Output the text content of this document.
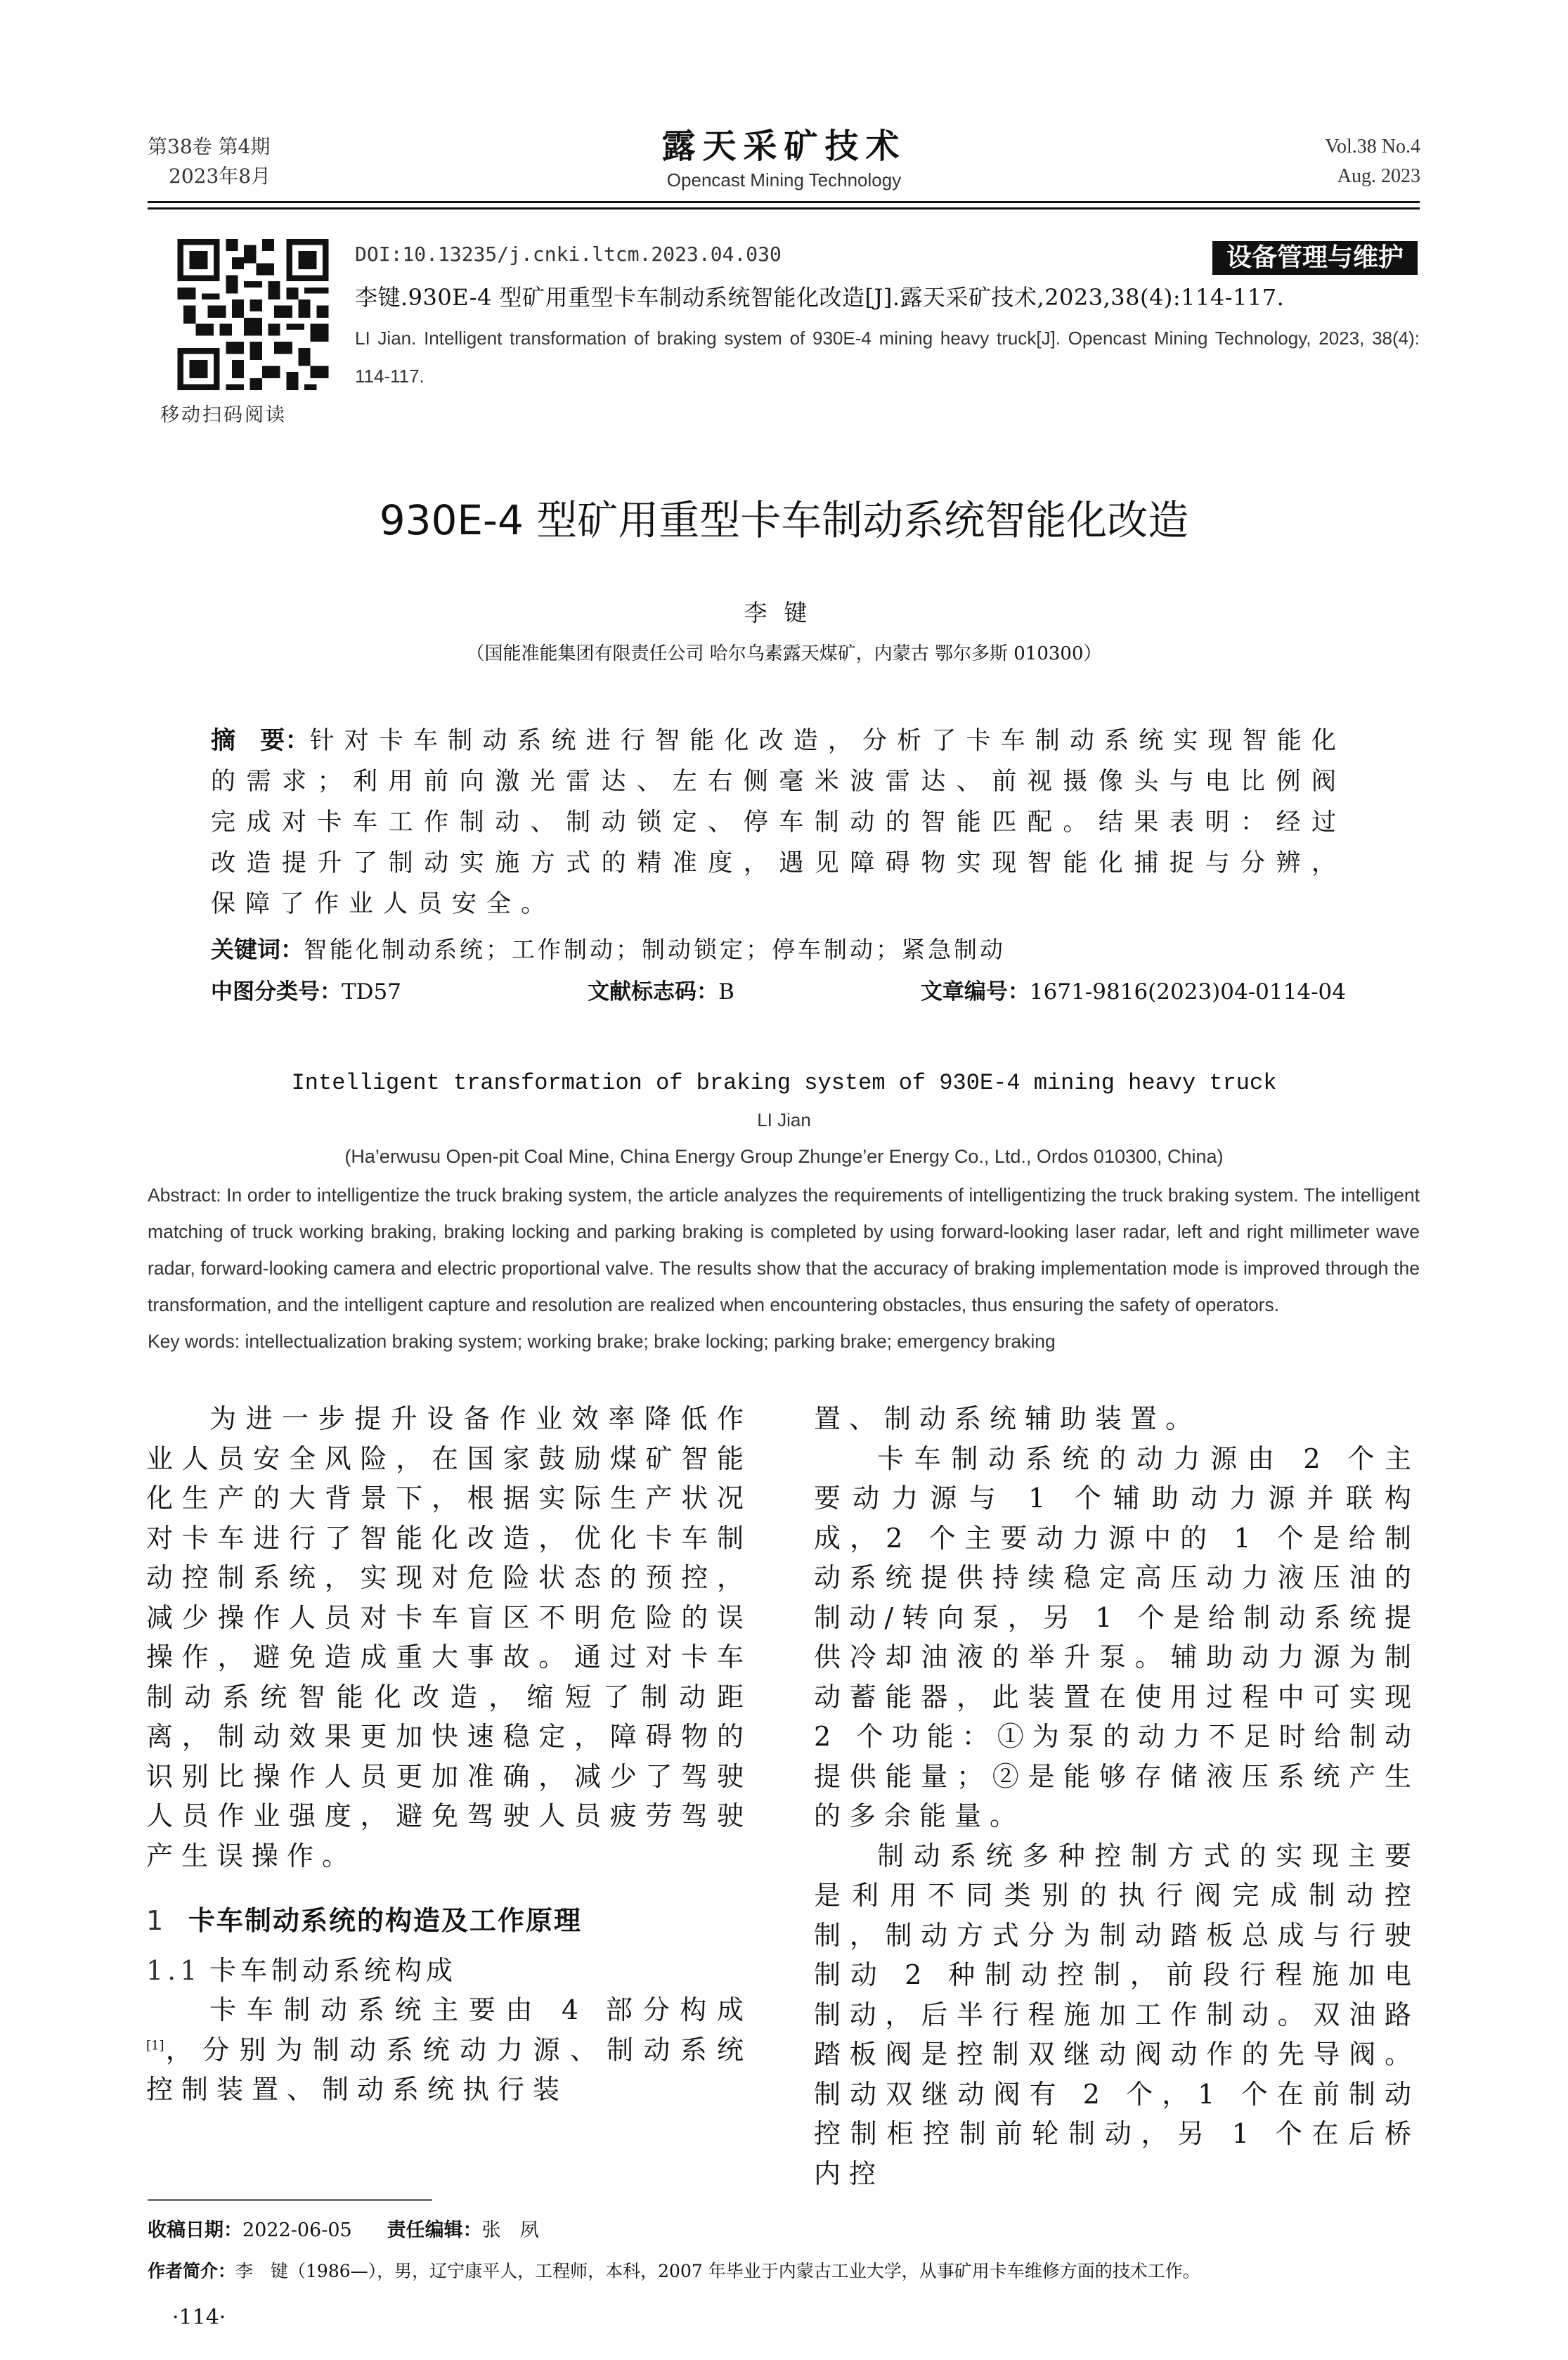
第38卷 第4期
2023年8月
露天采矿技术
Opencast Mining Technology
Vol.38 No.4
Aug. 2023
移动扫码阅读
设备管理与维护
DOI:10.13235/j.cnki.ltcm.2023.04.030
李键.930E-4 型矿用重型卡车制动系统智能化改造[J].露天采矿技术,2023,38(4):114-117.
LI Jian. Intelligent transformation of braking system of 930E-4 mining heavy truck[J]. Opencast Mining Technology, 2023, 38(4): 114-117.
930E-4 型矿用重型卡车制动系统智能化改造
李键
（国能准能集团有限责任公司 哈尔乌素露天煤矿，内蒙古 鄂尔多斯 010300）
摘　要：针对卡车制动系统进行智能化改造，分析了卡车制动系统实现智能化的需求；利用前向激光雷达、左右侧毫米波雷达、前视摄像头与电比例阀完成对卡车工作制动、制动锁定、停车制动的智能匹配。结果表明：经过改造提升了制动实施方式的精准度，遇见障碍物实现智能化捕捉与分辨，保障了作业人员安全。
关键词：智能化制动系统；工作制动；制动锁定；停车制动；紧急制动
中图分类号：TD57	文献标志码：B	文章编号：1671-9816(2023)04-0114-04
Intelligent transformation of braking system of 930E-4 mining heavy truck
LI Jian
(Ha’erwusu Open-pit Coal Mine, China Energy Group Zhunge’er Energy Co., Ltd., Ordos 010300, China)
Abstract: In order to intelligentize the truck braking system, the article analyzes the requirements of intelligentizing the truck braking system. The intelligent matching of truck working braking, braking locking and parking braking is completed by using forward-looking laser radar, left and right millimeter wave radar, forward-looking camera and electric proportional valve. The results show that the accuracy of braking implementation mode is improved through the transformation, and the intelligent capture and resolution are realized when encountering obstacles, thus ensuring the safety of operators.
Key words: intellectualization braking system; working brake; brake locking; parking brake; emergency braking

为进一步提升设备作业效率降低作业人员安全风险，在国家鼓励煤矿智能化生产的大背景下，根据实际生产状况对卡车进行了智能化改造，优化卡车制动控制系统，实现对危险状态的预控，减少操作人员对卡车盲区不明危险的误操作，避免造成重大事故。通过对卡车制动系统智能化改造，缩短了制动距离，制动效果更加快速稳定，障碍物的识别比操作人员更加准确，减少了驾驶人员作业强度，避免驾驶人员疲劳驾驶产生误操作。

1 卡车制动系统的构造及工作原理
1.1 卡车制动系统构成

卡车制动系统主要由 4 部分构成[1]，分别为制动系统动力源、制动系统控制装置、制动系统执行装

置、制动系统辅助装置。

卡车制动系统的动力源由 2 个主要动力源与 1 个辅助动力源并联构成，2 个主要动力源中的 1 个是给制动系统提供持续稳定高压动力液压油的制动/转向泵，另 1 个是给制动系统提供冷却油液的举升泵。辅助动力源为制动蓄能器，此装置在使用过程中可实现 2 个功能：①为泵的动力不足时给制动提供能量；②是能够存储液压系统产生的多余能量。

制动系统多种控制方式的实现主要是利用不同类别的执行阀完成制动控制，制动方式分为制动踏板总成与行驶制动 2 种制动控制，前段行程施加电制动，后半行程施加工作制动。双油路踏板阀是控制双继动阀动作的先导阀。制动双继动阀有 2 个，1 个在前制动控制柜控制前轮制动，另 1 个在后桥内控

收稿日期：2022-06-05 责任编辑：张　夙
作者简介：李　键（1986—），男，辽宁康平人，工程师，本科，2007 年毕业于内蒙古工业大学，从事矿用卡车维修方面的技术工作。
·114·
